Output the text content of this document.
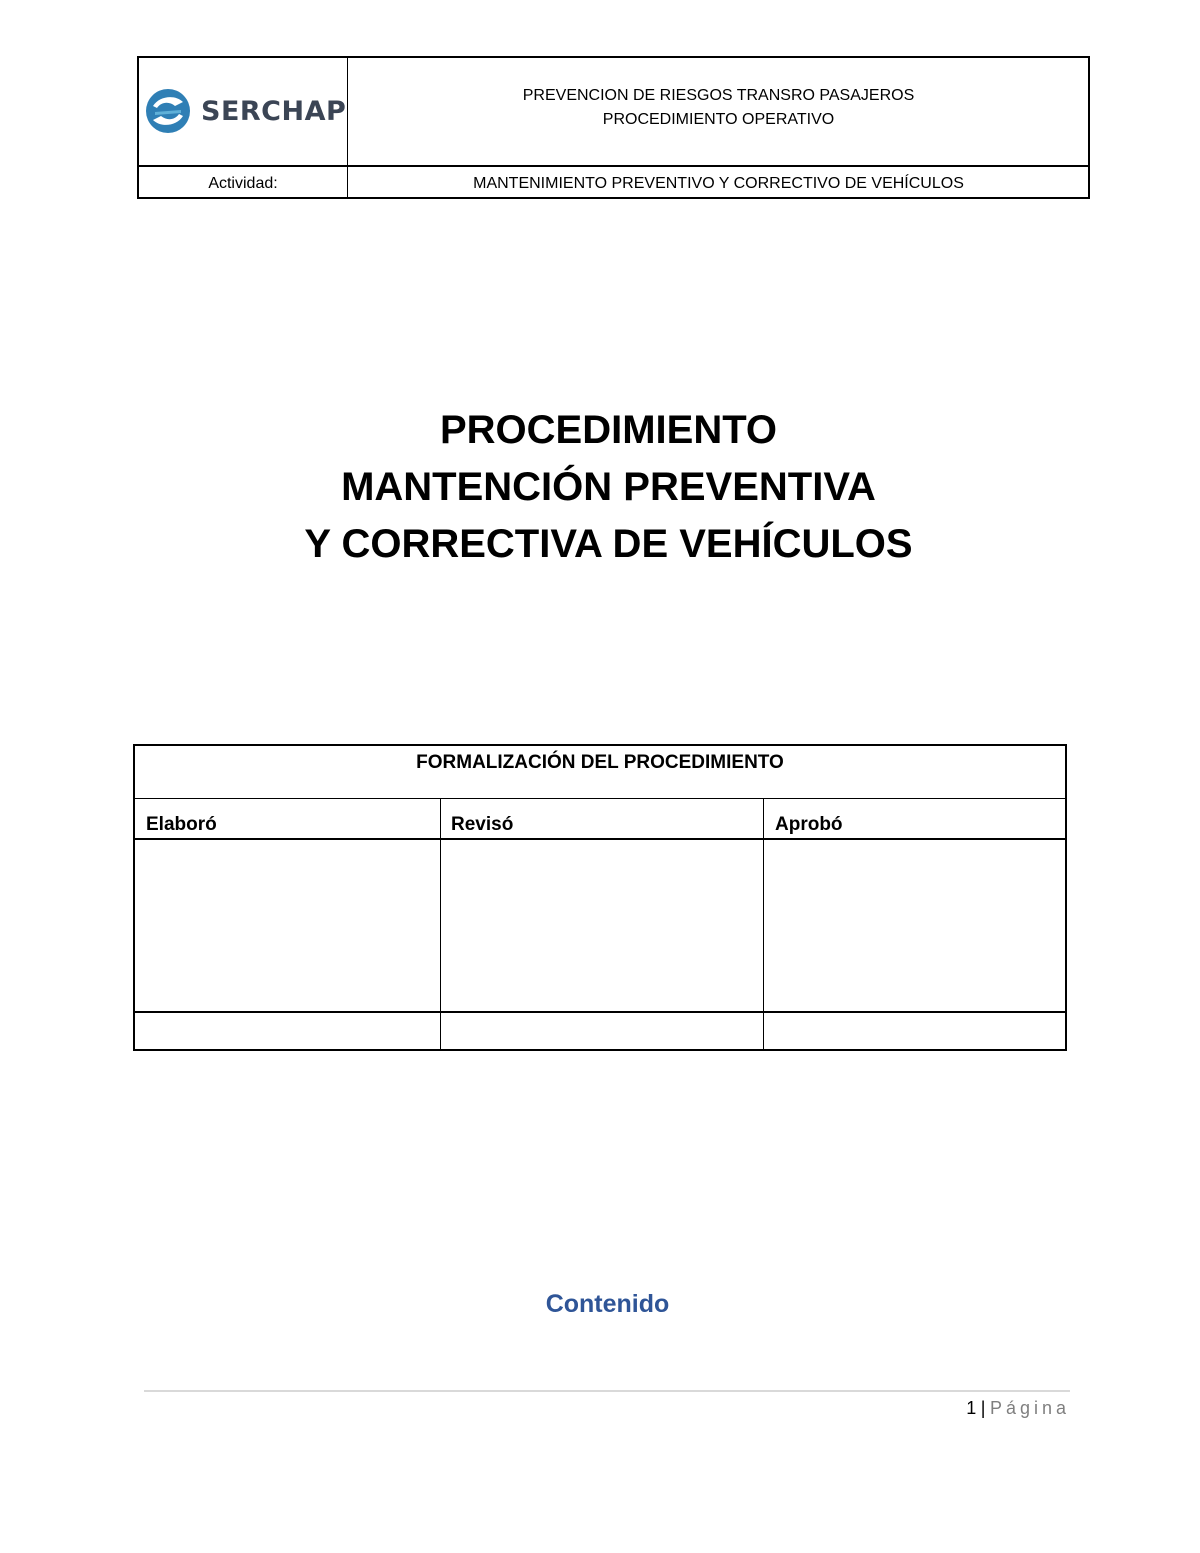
SERCHAP	PREVENCION DE RIESGOS TRANSRO PASAJEROS
PROCEDIMIENTO OPERATIVO
Actividad:	MANTENIMIENTO PREVENTIVO Y CORRECTIVO DE VEHÍCULOS
PROCEDIMIENTO
MANTENCIÓN PREVENTIVA
Y CORRECTIVA DE VEHÍCULOS
FORMALIZACIÓN DEL PROCEDIMIENTO
Elaboró	Revisó	Aprobó
Contenido
1 | Página
